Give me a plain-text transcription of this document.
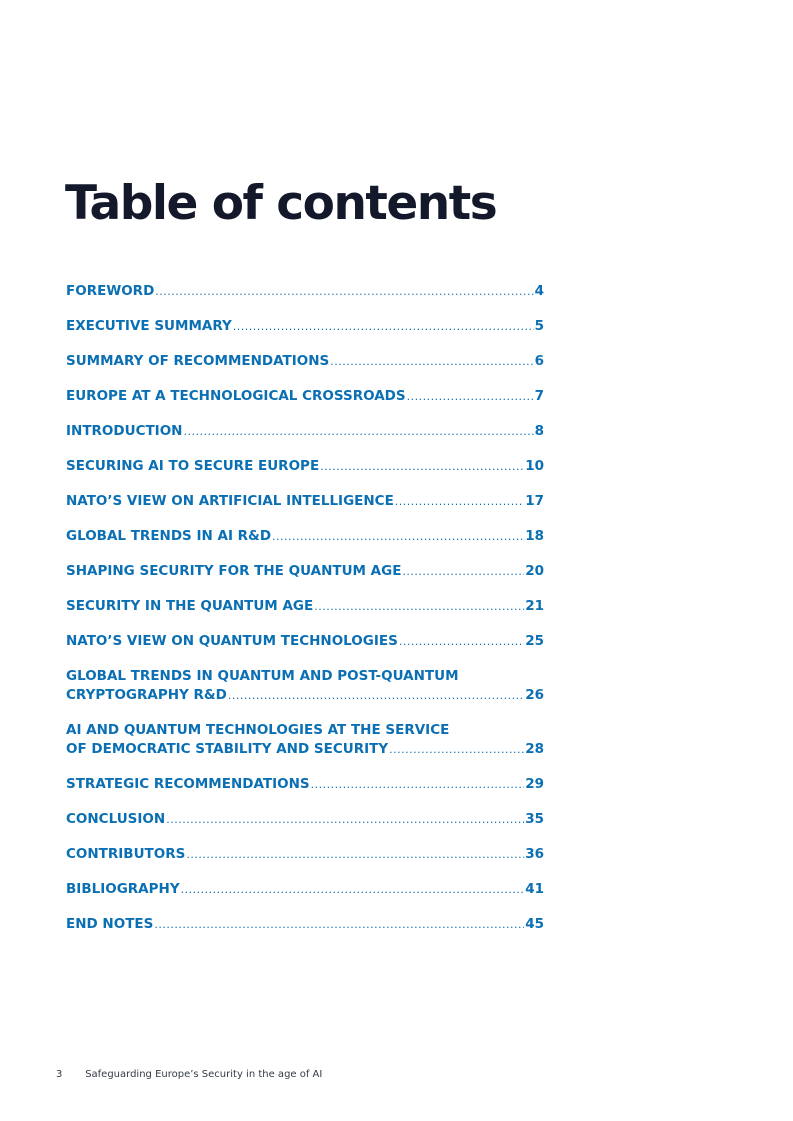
Table of contents
FOREWORD .....	4
EXECUTIVE SUMMARY .....	5
SUMMARY OF RECOMMENDATIONS .....	6
EUROPE AT A TECHNOLOGICAL CROSSROADS .....	7
INTRODUCTION .....	8
SECURING AI TO SECURE EUROPE .....	10
NATO’S VIEW ON ARTIFICIAL INTELLIGENCE .....	17
GLOBAL TRENDS IN AI R&D .....	18
SHAPING SECURITY FOR THE QUANTUM AGE .....	20
SECURITY IN THE QUANTUM AGE .....	21
NATO’S VIEW ON QUANTUM TECHNOLOGIES .....	25
GLOBAL TRENDS IN QUANTUM AND POST-QUANTUM
CRYPTOGRAPHY R&D .....	26
AI AND QUANTUM TECHNOLOGIES AT THE SERVICE
OF DEMOCRATIC STABILITY AND SECURITY .....	28
STRATEGIC RECOMMENDATIONS .....	29
CONCLUSION .....	35
CONTRIBUTORS .....	36
BIBLIOGRAPHY .....	41
END NOTES .....	45
3 Safeguarding Europe’s Security in the age of AI
